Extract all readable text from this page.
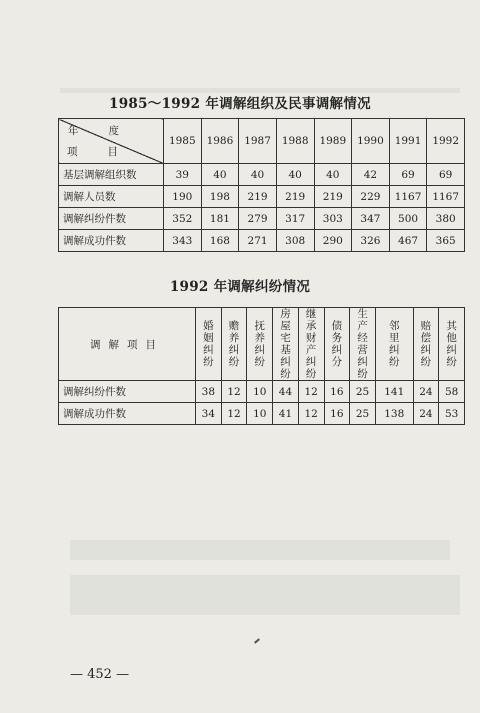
1985～1992 年调解组织及民事调解情况
年度
项目	1985	1986	1987	1988	1989	1990	1991	1992
基层调解组织数	39	40	40	40	40	42	69	69
调解人员数	190	198	219	219	219	229	1167	1167
调解纠纷件数	352	181	279	317	303	347	500	380
调解成功件数	343	168	271	308	290	326	467	365
1992 年调解纠纷情况
调解项目	婚姻纠纷	赡养纠纷	抚养纠纷	房屋宅基纠纷	继承财产纠纷	债务纠分	生产经营纠纷	邻里纠纷	赔偿纠纷	其他纠纷
调解纠纷件数	38	12	10	44	12	16	25	141	24	58
调解成功件数	34	12	10	41	12	16	25	138	24	53
— 452 —
